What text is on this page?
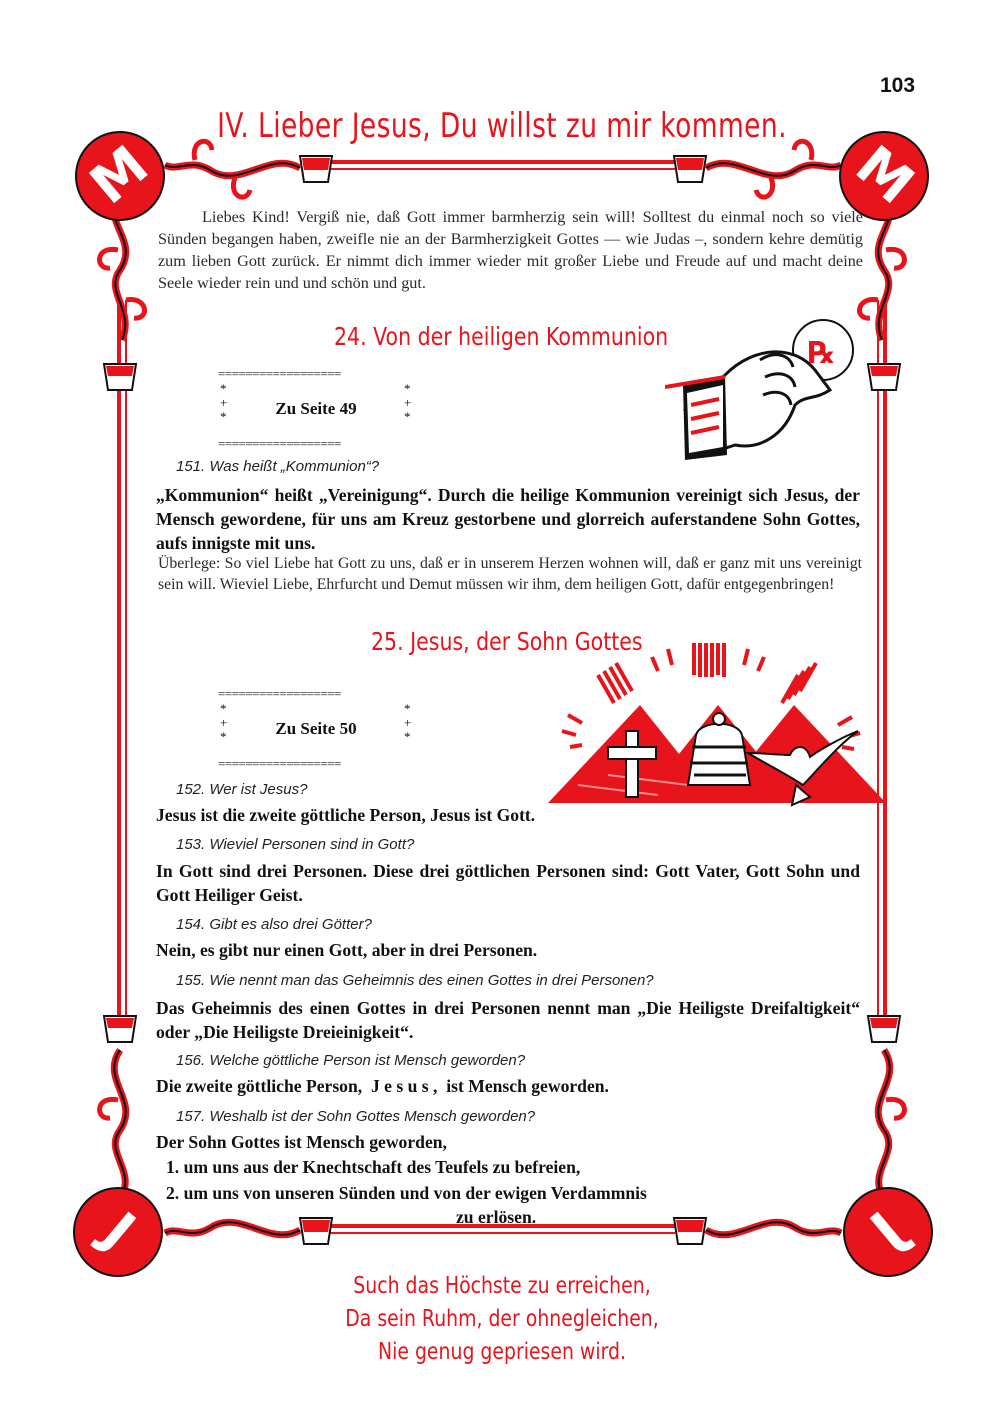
103
IV. Lieber Jesus, Du willst zu mir kommen.
M	M
J	J
Liebes Kind! Vergiß nie, daß Gott immer barmherzig sein will! Solltest du einmal noch so viele Sünden begangen haben, zweifle nie an der Barmherzigkeit Gottes — wie Judas –, sondern kehre demütig zum lieben Gott zurück. Er nimmt dich immer wieder mit großer Liebe und Freude auf und macht deine Seele wieder rein und und schön und gut.
24. Von der heiligen Kommunion	℞
==================
*
+
*
*
+
*
Zu Seite 49
==================
151. Was heißt „Kommunion“?
„Kommunion“ heißt „Vereinigung“. Durch die heilige Kommunion vereinigt sich Jesus, der Mensch gewordene, für uns am Kreuz gestorbene und glorreich auferstandene Sohn Gottes, aufs innigste mit uns.
Überlege: So viel Liebe hat Gott zu uns, daß er in unserem Herzen wohnen will, daß er ganz mit uns vereinigt sein will. Wieviel Liebe, Ehrfurcht und Demut müssen wir ihm, dem heiligen Gott, dafür entgegenbringen!
25. Jesus, der Sohn Gottes
==================
*
+
*
*
+
*
Zu Seite 50
==================
152. Wer ist Jesus?
Jesus ist die zweite göttliche Person, Jesus ist Gott.
153. Wieviel Personen sind in Gott?
In Gott sind drei Personen. Diese drei göttlichen Personen sind: Gott Vater, Gott Sohn und Gott Heiliger Geist.
154. Gibt es also drei Götter?
Nein, es gibt nur einen Gott, aber in drei Personen.
155. Wie nennt man das Geheimnis des einen Gottes in drei Personen?
Das Geheimnis des einen Gottes in drei Personen nennt man „Die Heiligste Dreifaltigkeit“ oder „Die Heiligste Dreieinigkeit“.
156. Welche göttliche Person ist Mensch geworden?
Die zweite göttliche Person,  J e s u s ,  ist Mensch geworden.
157. Weshalb ist der Sohn Gottes Mensch geworden?
Der Sohn Gottes ist Mensch geworden,
1. um uns aus der Knechtschaft des Teufels zu befreien,
2. um uns von unseren Sünden und von der ewigen Verdammnis
zu erlösen.
Such das Höchste zu erreichen,
Da sein Ruhm, der ohnegleichen,
Nie genug gepriesen wird.
